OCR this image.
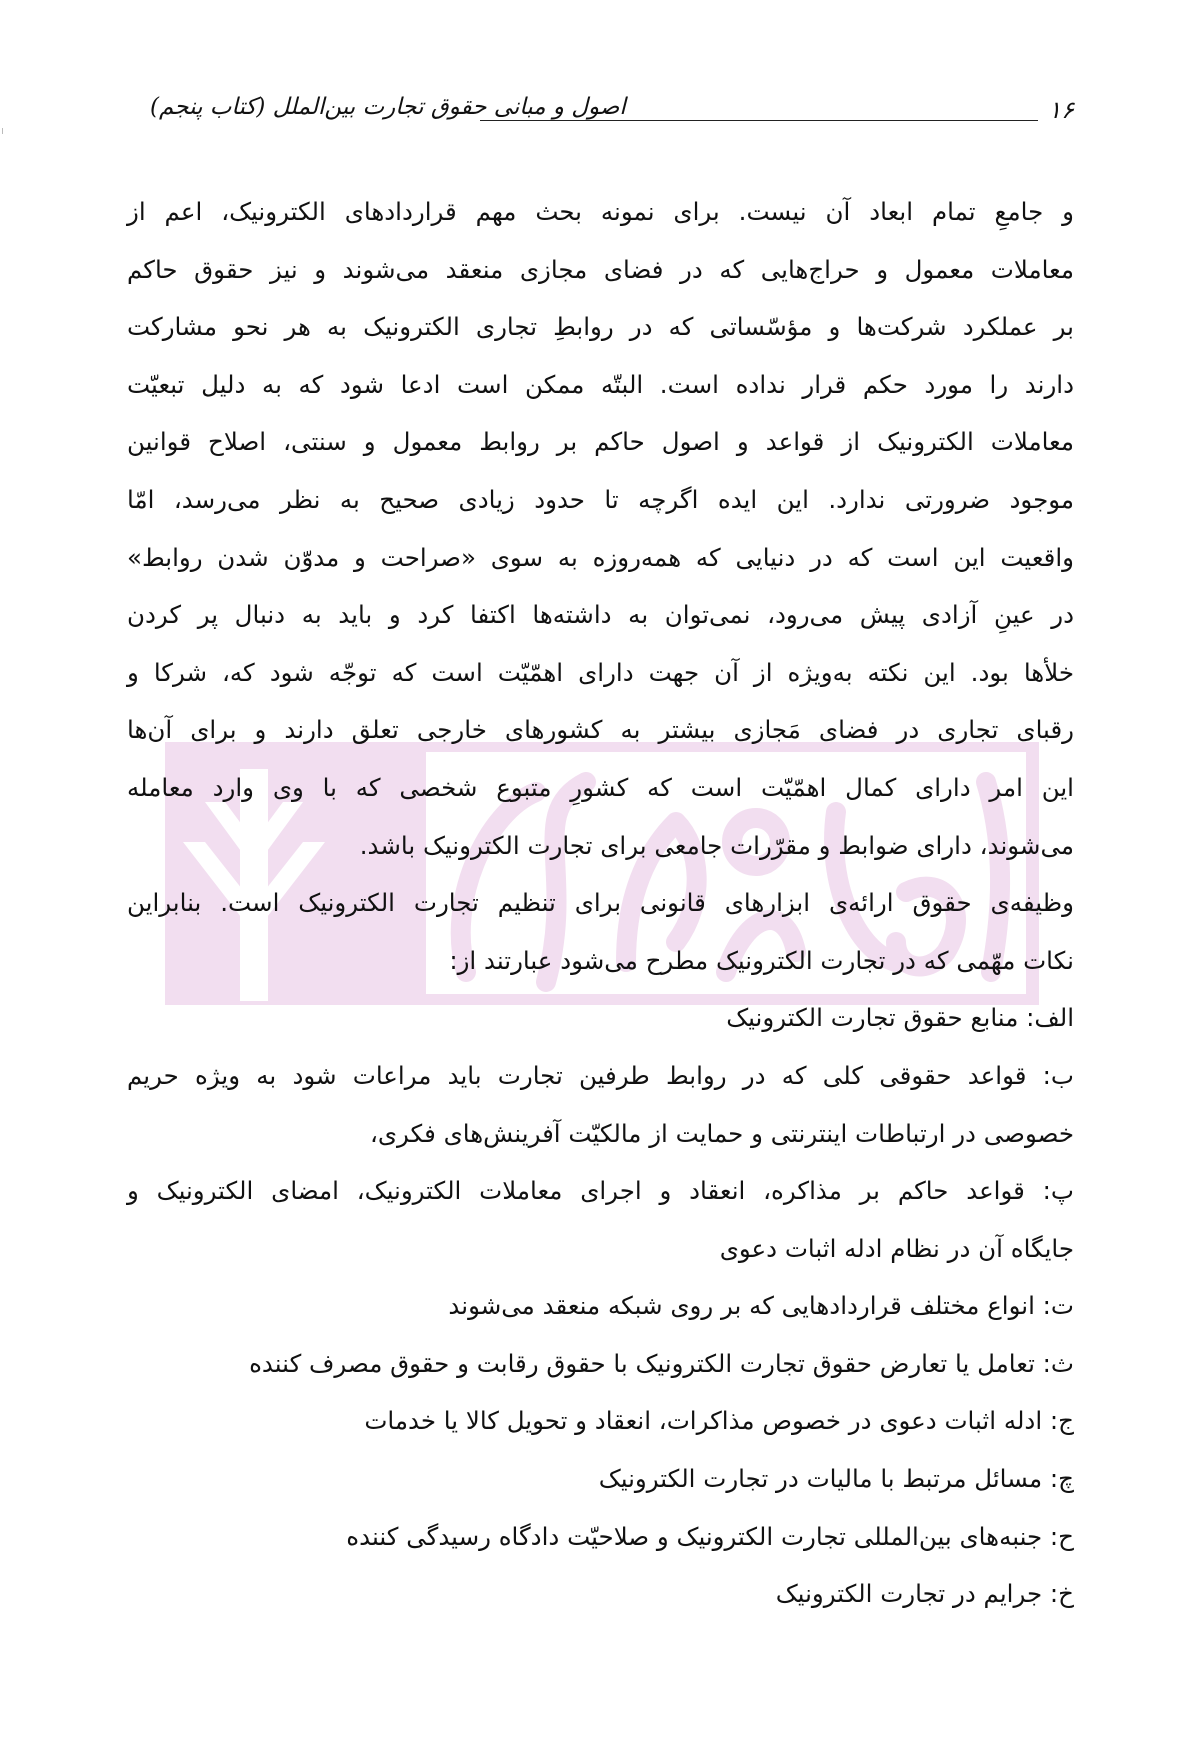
۱۶
اصول و مبانی حقوق تجارت بین‌الملل (کتاب پنجم)
و جامعِ تمام ابعاد آن نیست. برای نمونه بحث مهم قراردادهای الکترونیک، اعم از
معاملات معمول و حراج‌هایی که در فضای مجازی منعقد می‌شوند و نیز حقوق حاکم
بر عملکرد شرکت‌ها و مؤسّساتی که در روابطِ تجاری الکترونیک به هر نحو مشارکت
دارند را مورد حکم قرار نداده است. البتّه ممکن است ادعا شود که به دلیل تبعیّت
معاملات الکترونیک از قواعد و اصول حاکم بر روابط معمول و سنتی، اصلاح قوانین
موجود ضرورتی ندارد. این ایده اگرچه تا حدود زیادی صحیح به نظر می‌رسد، امّا
واقعیت این است که در دنیایی که همه‌روزه به سوی «صراحت و مدوّن شدن روابط»
در عینِ آزادی پیش می‌رود، نمی‌توان به داشته‌ها اکتفا کرد و باید به دنبال پر کردن
خلأها بود. این نکته به‌ویژه از آن جهت دارای اهمّیّت است که توجّه شود که، شرکا و
رقبای تجاری در فضای مَجازی بیشتر به کشورهای خارجی تعلق دارند و برای آن‌ها
این امر دارای کمال اهمّیّت است که کشورِ متبوع شخصی که با وی وارد معامله
می‌شوند، دارای ضوابط و مقرّرات جامعی برای تجارت الکترونیک باشد.
وظیفه‌ی حقوق ارائه‌ی ابزارهای قانونی برای تنظیم تجارت الکترونیک است. بنابراین
نکات مهّمی که در تجارت الکترونیک مطرح می‌شود عبارتند از:
الف: منابع حقوق تجارت الکترونیک
ب: قواعد حقوقی کلی که در روابط طرفین تجارت باید مراعات شود به ویژه حریم
خصوصی در ارتباطات اینترنتی و حمایت از مالکیّت آفرینش‌های فکری،
پ: قواعد حاکم بر مذاکره، انعقاد و اجرای معاملات الکترونیک، امضای الکترونیک و
جایگاه آن در نظام ادله اثبات دعوی
ت: انواع مختلف قراردادهایی که بر روی شبکه منعقد می‌شوند
ث: تعامل یا تعارض حقوق تجارت الکترونیک با حقوق رقابت و حقوق مصرف کننده
ج: ادله اثبات دعوی در خصوص مذاکرات، انعقاد و تحویل کالا یا خدمات
چ: مسائل مرتبط با مالیات در تجارت الکترونیک
ح: جنبه‌های بین‌المللی تجارت الکترونیک و صلاحیّت دادگاه رسیدگی کننده
خ: جرایم در تجارت الکترونیک
